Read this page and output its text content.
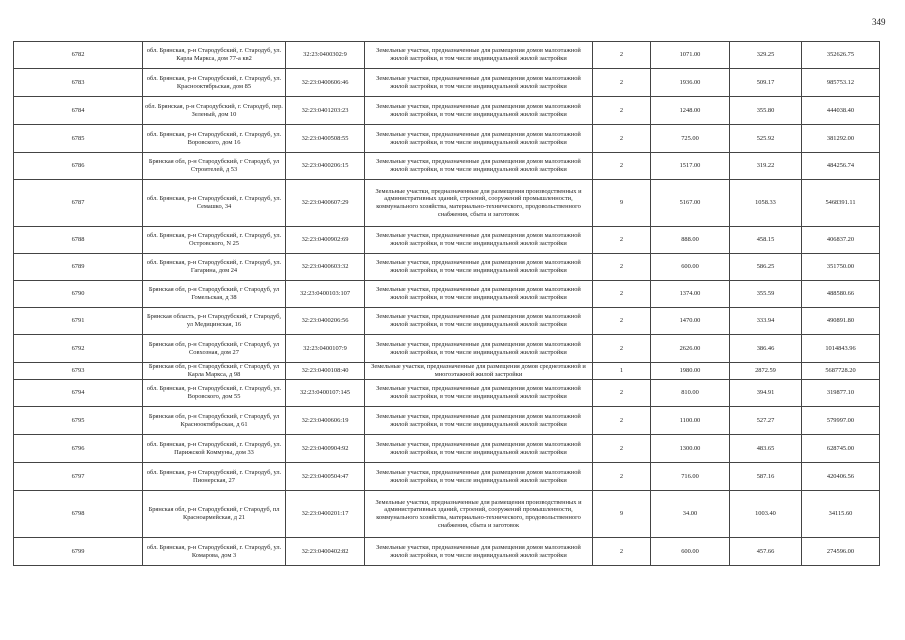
349
6782	обл. Брянская, р-н Стародубский, г. Стародуб, ул. Карла Маркса, дом 77-а кв2	32:23:0400302:9	Земельные участки, предназначенные для размещения домов малоэтажной жилой застройки, в том числе индивидуальной жилой застройки	2	1071.00	329.25	352626.75
6783	обл. Брянская, р-н Стародубский, г. Стародуб, ул. Краснооктябрьская, дом 85	32:23:0400606:46	Земельные участки, предназначенные для размещения домов малоэтажной жилой застройки, в том числе индивидуальной жилой застройки	2	1936.00	509.17	985753.12
6784	обл. Брянская, р-н Стародубский, г. Стародуб, пер. Зеленый, дом 10	32:23:0401203:23	Земельные участки, предназначенные для размещения домов малоэтажной жилой застройки, в том числе индивидуальной жилой застройки	2	1248.00	355.80	444038.40
6785	обл. Брянская, р-н Стародубский, г. Стародуб, ул. Воровского, дом 16	32:23:0400508:55	Земельные участки, предназначенные для размещения домов малоэтажной жилой застройки, в том числе индивидуальной жилой застройки	2	725.00	525.92	381292.00
6786	Брянская обл, р-н Стародубский, г Стародуб, ул Строителей, д 53	32:23:0400206:15	Земельные участки, предназначенные для размещения домов малоэтажной жилой застройки, в том числе индивидуальной жилой застройки	2	1517.00	319.22	484256.74
6787	обл. Брянская, р-н Стародубский, г. Стародуб, ул. Семашко, 34	32:23:0400607:29	Земельные участки, предназначенные для размещения производственных и административных зданий, строений, сооружений промышленности, коммунального хозяйства, материально-технического, продовольственного снабжения, сбыта и заготовок	9	5167.00	1058.33	5468391.11
6788	обл. Брянская, р-н Стародубский, г. Стародуб, ул. Островского, N 25	32:23:0400902:69	Земельные участки, предназначенные для размещения домов малоэтажной жилой застройки, в том числе индивидуальной жилой застройки	2	888.00	458.15	406837.20
6789	обл. Брянская, р-н Стародубский, г. Стародуб, ул. Гагарина, дом 24	32:23:0400603:32	Земельные участки, предназначенные для размещения домов малоэтажной жилой застройки, в том числе индивидуальной жилой застройки	2	600.00	586.25	351750.00
6790	Брянская обл, р-н Стародубский, г Стародуб, ул Гомельская, д 38	32:23:0400103:107	Земельные участки, предназначенные для размещения домов малоэтажной жилой застройки, в том числе индивидуальной жилой застройки	2	1374.00	355.59	488580.66
6791	Брянская область, р-н Стародубский, г Стародуб, ул Медицинская, 16	32:23:0400206:56	Земельные участки, предназначенные для размещения домов малоэтажной жилой застройки, в том числе индивидуальной жилой застройки	2	1470.00	333.94	490891.80
6792	Брянская обл, р-н Стародубский, г Стародуб, ул Совхозная, дом 27	32:23:0400107:9	Земельные участки, предназначенные для размещения домов малоэтажной жилой застройки, в том числе индивидуальной жилой застройки	2	2626.00	386.46	1014843.96
6793	Брянская обл, р-н Стародубский, г Стародуб, ул Карла Маркса, д 98	32:23:0400108:40	Земельные участки, предназначенные для размещения домов среднеэтажной и многоэтажной жилой застройки	1	1980.00	2872.59	5687728.20
6794	обл. Брянская, р-н Стародубский, г. Стародуб, ул. Воровского, дом 55	32:23:0400107:145	Земельные участки, предназначенные для размещения домов малоэтажной жилой застройки, в том числе индивидуальной жилой застройки	2	810.00	394.91	319877.10
6795	Брянская обл, р-н Стародубский, г Стародуб, ул Краснооктябрьская, д 61	32:23:0400606:19	Земельные участки, предназначенные для размещения домов малоэтажной жилой застройки, в том числе индивидуальной жилой застройки	2	1100.00	527.27	579997.00
6796	обл. Брянская, р-н Стародубский, г. Стародуб, ул. Парижской Коммуны, дом 33	32:23:0400904:92	Земельные участки, предназначенные для размещения домов малоэтажной жилой застройки, в том числе индивидуальной жилой застройки	2	1300.00	483.65	628745.00
6797	обл. Брянская, р-н Стародубский, г. Стародуб, ул. Пионерская, 27	32:23:0400504:47	Земельные участки, предназначенные для размещения домов малоэтажной жилой застройки, в том числе индивидуальной жилой застройки	2	716.00	587.16	420406.56
6798	Брянская обл, р-н Стародубский, г Стародуб, пл Красноармейская, д 21	32:23:0400201:17	Земельные участки, предназначенные для размещения производственных и административных зданий, строений, сооружений промышленности, коммунального хозяйства, материально-технического, продовольственного снабжения, сбыта и заготовок	9	34.00	1003.40	34115.60
6799	обл. Брянская, р-н Стародубский, г. Стародуб, ул. Комарова, дом 3	32:23:0400402:82	Земельные участки, предназначенные для размещения домов малоэтажной жилой застройки, в том числе индивидуальной жилой застройки	2	600.00	457.66	274596.00
